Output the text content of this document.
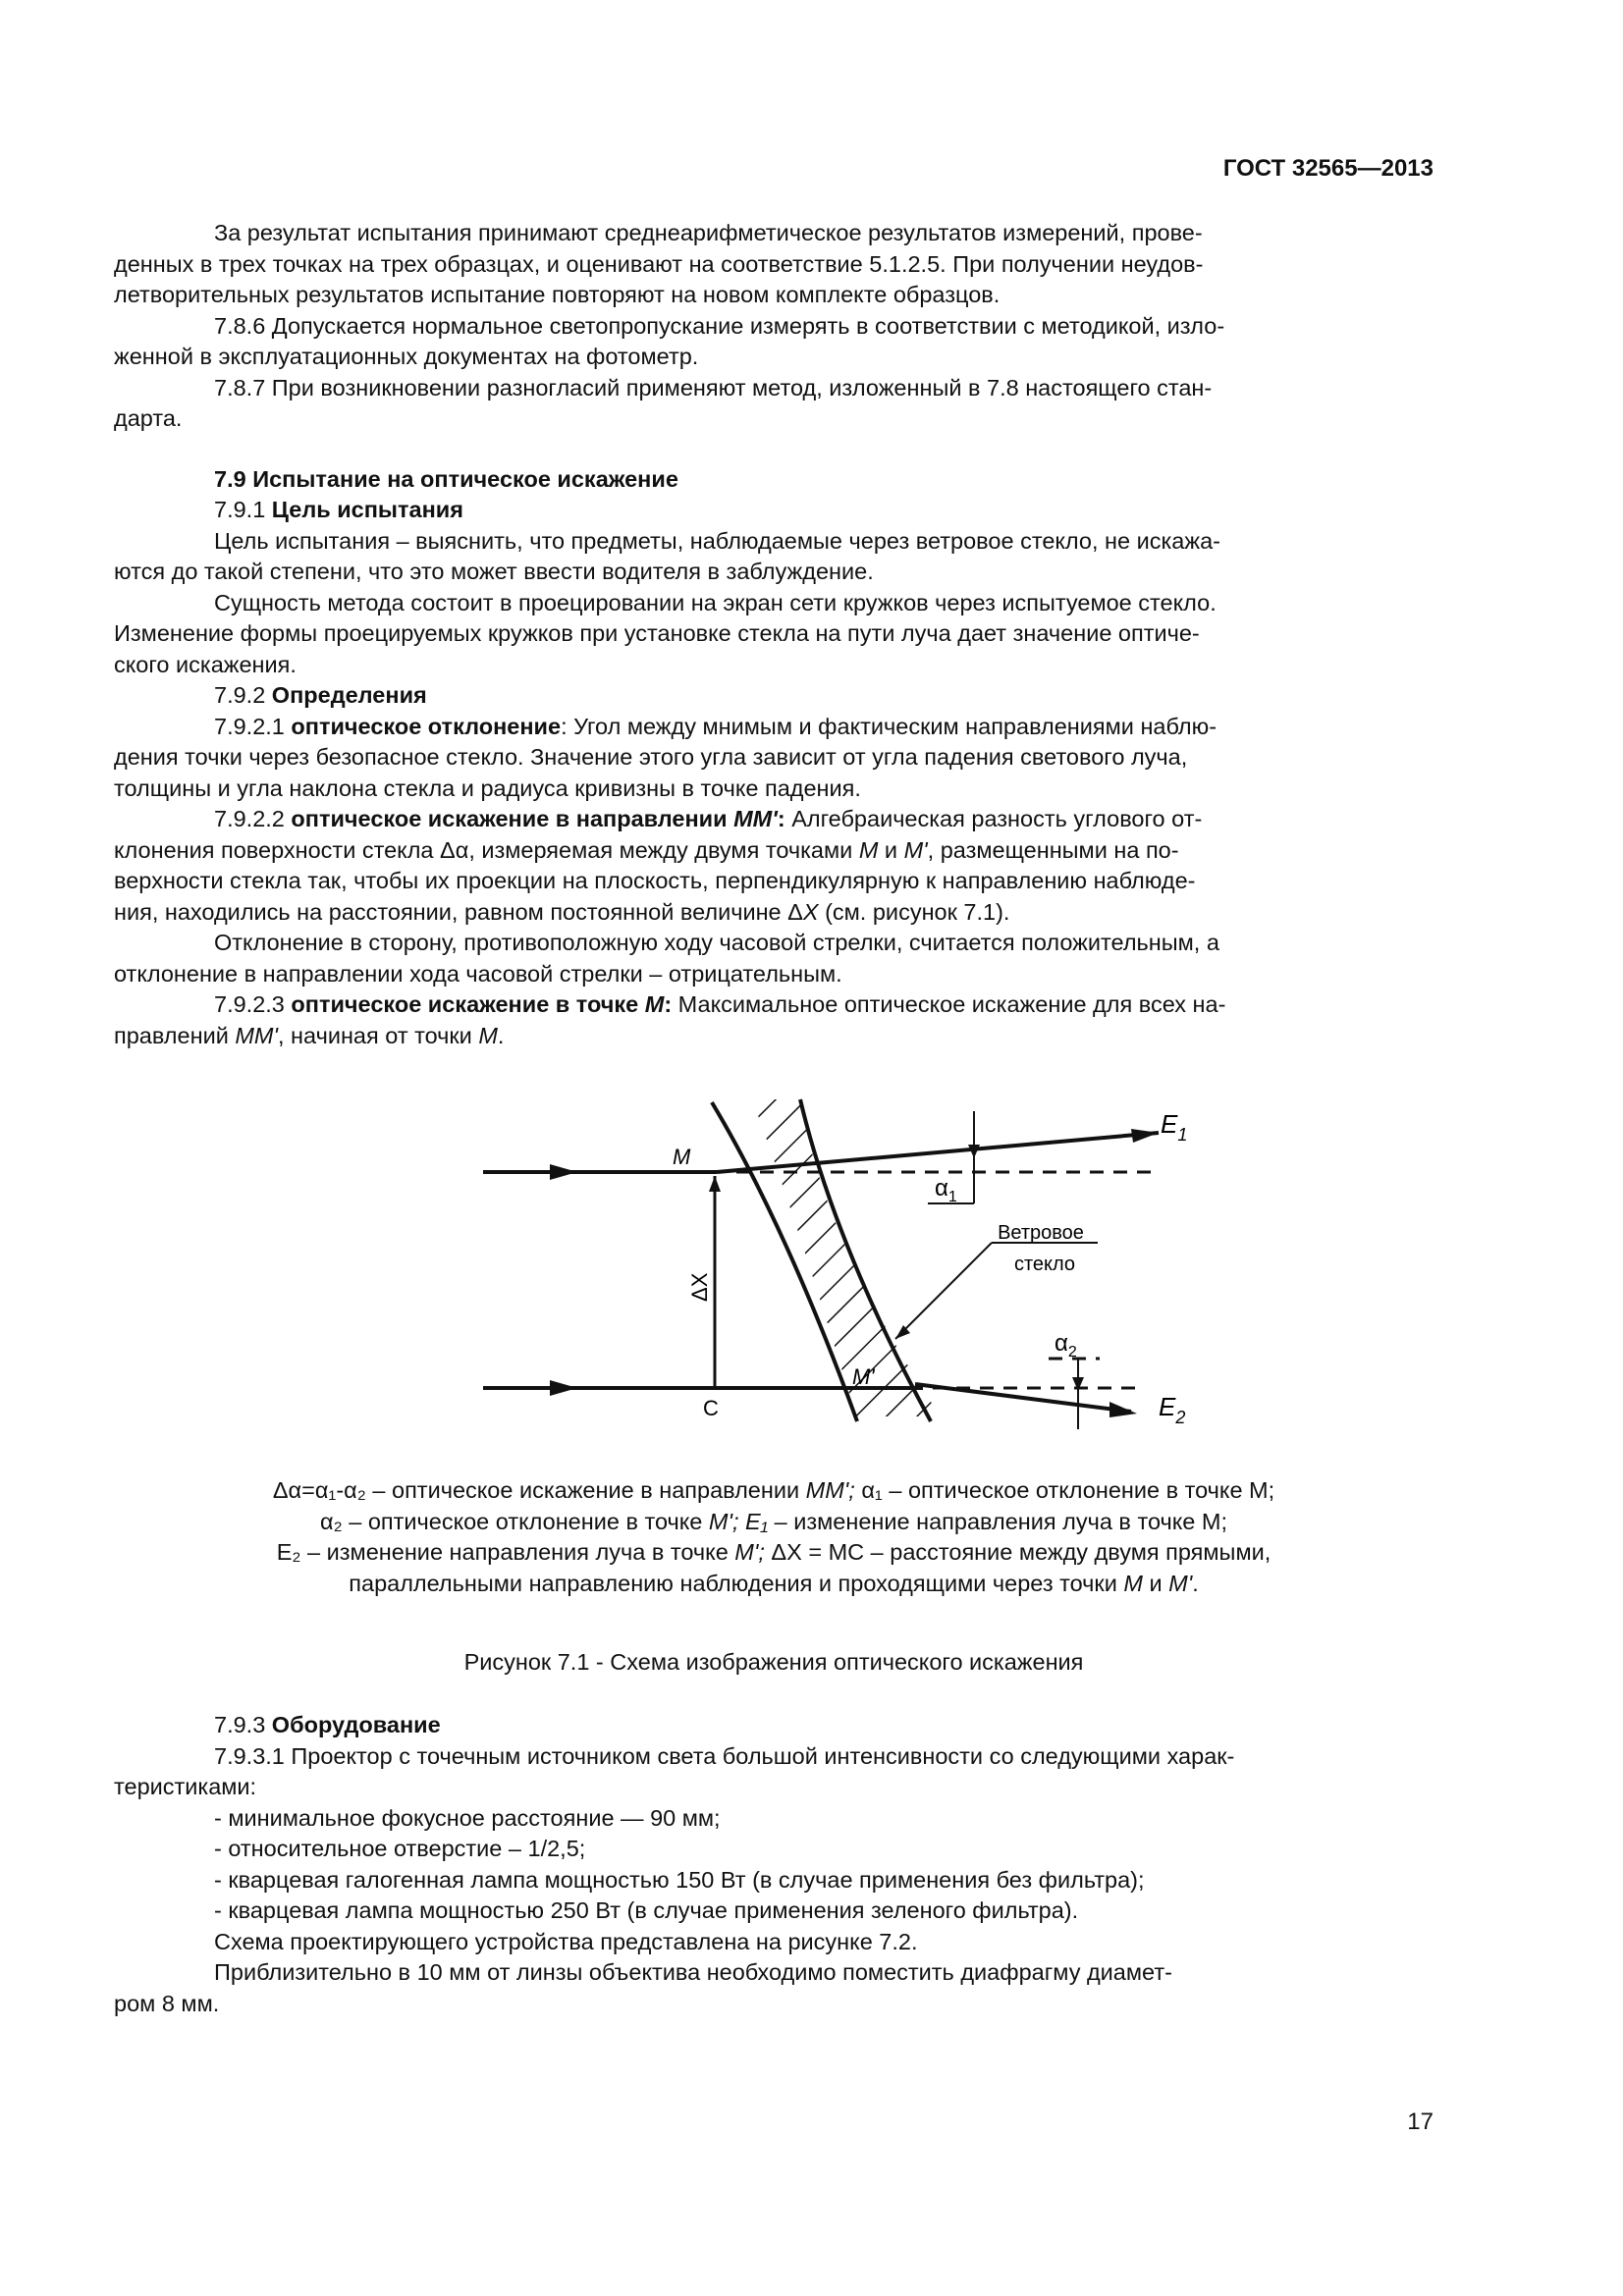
ГОСТ 32565—2013

За результат испытания принимают среднеарифметическое результатов измерений, прове-

денных в трех точках на трех образцах, и оценивают на соответствие 5.1.2.5. При получении неудов-

летворительных результатов испытание повторяют на новом комплекте образцов.

7.8.6 Допускается нормальное светопропускание измерять в соответствии с методикой, изло-

женной в эксплуатационных документах на фотометр.

7.8.7 При возникновении разногласий применяют метод, изложенный в 7.8 настоящего стан-

дарта.

7.9 Испытание на оптическое искажение

7.9.1 Цель испытания

Цель испытания – выяснить, что предметы, наблюдаемые через ветровое стекло, не искажа-

ются до такой степени, что это может ввести водителя в заблуждение.

Сущность метода состоит в проецировании на экран сети кружков через испытуемое стекло.

Изменение формы проецируемых кружков при установке стекла на пути луча дает значение оптиче-

ского искажения.

7.9.2 Определения

7.9.2.1 оптическое отклонение: Угол между мнимым и фактическим направлениями наблю-

дения точки через безопасное стекло. Значение этого угла зависит от угла падения светового луча,

толщины и угла наклона стекла и радиуса кривизны в точке падения.

7.9.2.2 оптическое искажение в направлении ММ': Алгебраическая разность углового от-

клонения поверхности стекла Δα, измеряемая между двумя точками М и М', размещенными на по-

верхности стекла так, чтобы их проекции на плоскость, перпендикулярную к направлению наблюде-

ния, находились на расстоянии, равном постоянной величине ΔX (см. рисунок 7.1).

Отклонение в сторону, противоположную ходу часовой стрелки, считается положительным, а

отклонение в направлении хода часовой стрелки – отрицательным.

7.9.2.3 оптическое искажение в точке М: Максимальное оптическое искажение для всех на-

правлений ММ', начиная от точки М.

M
M'
C
$E_1$
$E_2$
$\alpha_1$
$\alpha_2$
ΔX
Ветровое
стекло
Δα=α₁-α₂ – оптическое искажение в направлении ММ'; α₁ – оптическое отклонение в точке М;
α₂ – оптическое отклонение в точке М'; E₁ – изменение направления луча в точке М;
E₂ – изменение направления луча в точке М'; ΔX = МС – расстояние между двумя прямыми,
параллельными направлению наблюдения и проходящими через точки М и М'.
Рисунок 7.1 - Схема изображения оптического искажения

7.9.3 Оборудование

7.9.3.1 Проектор с точечным источником света большой интенсивности со следующими харак-

теристиками:

- минимальное фокусное расстояние — 90 мм;

- относительное отверстие – 1/2,5;

- кварцевая галогенная лампа мощностью 150 Вт (в случае применения без фильтра);

- кварцевая лампа мощностью 250 Вт (в случае применения зеленого фильтра).

Схема проектирующего устройства представлена на рисунке 7.2.

Приблизительно в 10 мм от линзы объектива необходимо поместить диафрагму диамет-

ром 8 мм.

17
